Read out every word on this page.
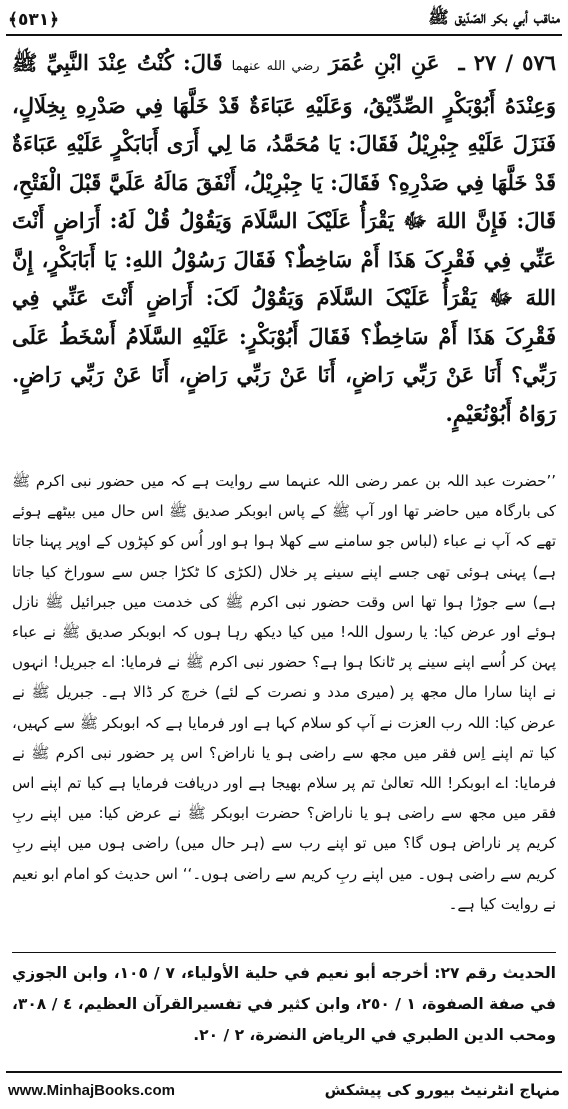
مناقب أبي بكر الصّدّيق ﷺ
﴿٥٣١﴾
٥٧٦ / ٢٧ ـ عَنِ ابْنِ عُمَرَ رضي الله عنهما قَالَ: كُنْتُ عِنْدَ النَّبِيِّ ﷺ وَعِنْدَهُ أَبُوْبَكْرٍ الصِّدِّيْقُ، وَعَلَيْهِ عَبَاءَةٌ قَدْ خَلَّهَا فِي صَدْرِهِ بِخِلَالٍ، فَنَزَلَ عَلَيْهِ جِبْرِيْلُ فَقَالَ: يَا مُحَمَّدُ، مَا لِي أَرَى أَبَابَكْرٍ عَلَيْهِ عَبَاءَةٌ قَدْ خَلَّهَا فِي صَدْرِهِ؟ فَقَالَ: يَا جِبْرِيْلُ، أَنْفَقَ مَالَهُ عَلَيَّ قَبْلَ الْفَتْحِ، قَالَ: فَإِنَّ اللهَ ﷻ يَقْرَأُ عَلَيْکَ السَّلَامَ وَيَقُوْلُ قُلْ لَهُ: أَرَاضٍ أَنْتَ عَنِّي فِي فَقْرِکَ هَذَا أَمْ سَاخِطٌ؟ فَقَالَ رَسُوْلُ اللهِ: يَا أَبَابَكْرٍ، إِنَّ اللهَ ﷻ يَقْرَأُ عَلَيْکَ السَّلَامَ وَيَقُوْلُ لَکَ: أَرَاضٍ أَنْتَ عَنِّي فِي فَقْرِکَ هَذَا أَمْ سَاخِطٌ؟ فَقَالَ أَبُوْبَكْرٍ: عَلَيْهِ السَّلَامُ أَسْخَطُ عَلَى رَبِّي؟ أَنَا عَنْ رَبِّي رَاضٍ، أَنَا عَنْ رَبِّي رَاضٍ، أَنَا عَنْ رَبِّي رَاضٍ. رَوَاهُ أَبُوْنُعَيْمٍ.
’’حضرت عبد اللہ بن عمر رضی اللہ عنہما سے روایت ہے کہ میں حضور نبی اکرم ﷺ کی بارگاہ میں حاضر تھا اور آپ ﷺ کے پاس ابوبکر صدیق ﷺ اس حال میں بیٹھے ہوئے تھے کہ آپ نے عباء (لباس جو سامنے سے کھلا ہوا ہو اور اُس کو کپڑوں کے اوپر پہنا جاتا ہے) پہنی ہوئی تھی جسے اپنے سینے پر خلال (لکڑی کا ٹکڑا جس سے سوراخ کیا جاتا ہے) سے جوڑا ہوا تھا اس وقت حضور نبی اکرم ﷺ کی خدمت میں جبرائیل ﷺ نازل ہوئے اور عرض کیا: یا رسول اللہ! میں کیا دیکھ رہا ہوں کہ ابوبکر صدیق ﷺ نے عباء پہن کر اُسے اپنے سینے پر ٹانکا ہوا ہے؟ حضور نبی اکرم ﷺ نے فرمایا: اے جبریل! انہوں نے اپنا سارا مال مجھ پر (میری مدد و نصرت کے لئے) خرچ کر ڈالا ہے۔ جبریل ﷺ نے عرض کیا: اللہ رب العزت نے آپ کو سلام کہا ہے اور فرمایا ہے کہ ابوبکر ﷺ سے کہیں، کیا تم اپنے اِس فقر میں مجھ سے راضی ہو یا ناراض؟ اس پر حضور نبی اکرم ﷺ نے فرمایا: اے ابوبکر! اللہ تعالیٰ تم پر سلام بھیجا ہے اور دریافت فرمایا ہے کیا تم اپنے اس فقر میں مجھ سے راضی ہو یا ناراض؟ حضرت ابوبکر ﷺ نے عرض کیا: میں اپنے ربِ کریم پر ناراض ہوں گا؟ میں تو اپنے رب سے (ہر حال میں) راضی ہوں میں اپنے ربِ کریم سے راضی ہوں۔ میں اپنے ربِ کریم سے راضی ہوں۔‘‘ اس حدیث کو امام ابو نعیم نے روایت کیا ہے۔
الحديث رقم ٢٧: أخرجه أبو نعيم في حلية الأولياء، ٧ / ١٠٥، وابن الجوزي في صفة الصفوة، ١ / ٢٥٠، وابن كثير في تفسيرالقرآن العظيم، ٤ / ٣٠٨، ومحب الدين الطبري في الرياض النضرة، ٢ / ٢٠.
www.MinhajBooks.com	منہاج انٹرنیٹ بیورو کی پیشکش
